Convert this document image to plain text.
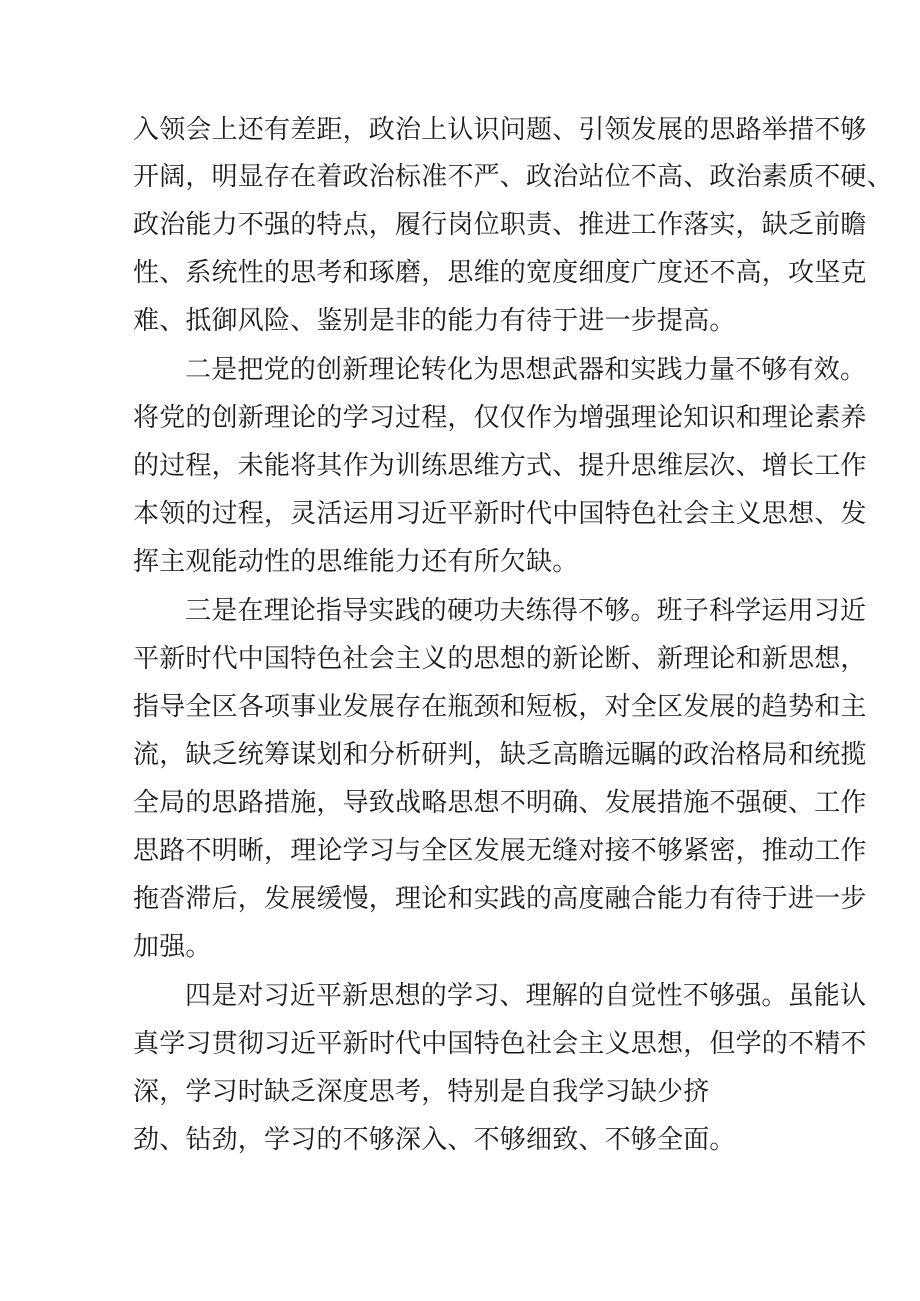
入领会上还有差距，政治上认识问题、引领发展的思路举措不够

开阔，明显存在着政治标准不严、政治站位不高、政治素质不硬、

政治能力不强的特点，履行岗位职责、推进工作落实，缺乏前瞻

性、系统性的思考和琢磨，思维的宽度细度广度还不高，攻坚克

难、抵御风险、鉴别是非的能力有待于进一步提高。

二是把党的创新理论转化为思想武器和实践力量不够有效。

将党的创新理论的学习过程，仅仅作为增强理论知识和理论素养

的过程，未能将其作为训练思维方式、提升思维层次、增长工作

本领的过程，灵活运用习近平新时代中国特色社会主义思想、发

挥主观能动性的思维能力还有所欠缺。

三是在理论指导实践的硬功夫练得不够。班子科学运用习近

平新时代中国特色社会主义的思想的新论断、新理论和新思想，

指导全区各项事业发展存在瓶颈和短板，对全区发展的趋势和主

流，缺乏统筹谋划和分析研判，缺乏高瞻远瞩的政治格局和统揽

全局的思路措施，导致战略思想不明确、发展措施不强硬、工作

思路不明晰，理论学习与全区发展无缝对接不够紧密，推动工作

拖沓滞后，发展缓慢，理论和实践的高度融合能力有待于进一步

加强。

四是对习近平新思想的学习、理解的自觉性不够强。虽能认

真学习贯彻习近平新时代中国特色社会主义思想，但学的不精不

深，学习时缺乏深度思考，特别是自我学习缺少挤

劲、钻劲，学习的不够深入、不够细致、不够全面。
